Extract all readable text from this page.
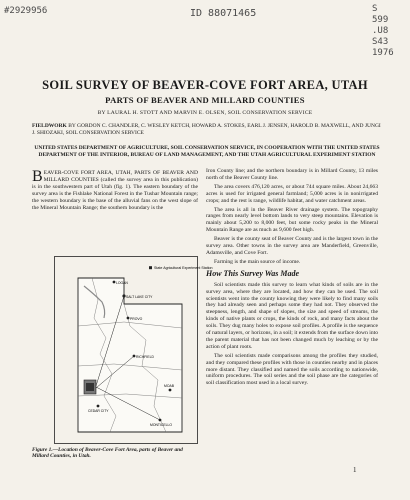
#2929956	ID 88071465	S
599
.U8
S43
1976
SOIL SURVEY OF BEAVER-COVE FORT AREA, UTAH
PARTS OF BEAVER AND MILLARD COUNTIES
BY LAURAL H. STOTT AND MARVIN E. OLSEN, SOIL CONSERVATION SERVICE
FIELDWORK BY GORDON C. CHANDLER, C. WESLEY KETCH, HOWARD A. STOKES, EARL J. JENSEN, HAROLD B. MAXWELL, AND JUNGI J. SHIOZAKI, SOIL CONSERVATION SERVICE
UNITED STATES DEPARTMENT OF AGRICULTURE, SOIL CONSERVATION SERVICE, IN COOPERATION WITH THE UNITED STATES DEPARTMENT OF THE INTERIOR, BUREAU OF LAND MANAGEMENT, AND THE UTAH AGRICULTURAL EXPERIMENT STATION

BEAVER-COVE FORT AREA, UTAH, PARTS OF BEAVER AND MILLARD COUNTIES (called the survey area in this publication) is in the southwestern part of Utah (fig. 1). The eastern boundary of the survey area is the Fishlake National Forest in the Tushar Mountain range; the western boundary is the base of the alluvial fans on the west slope of the Mineral Mountain Range; the southern boundary is the

State Agricultural Experiment Station
SALT LAKE CITY
PROVO
LOGAN
RICHFIELD
CEDAR CITY
MONTICELLO
MOAB
Figure 1.—Location of Beaver-Cove Fort Area, parts of Beaver and Millard Counties, in Utah.

Iron County line; and the northern boundary is in Millard County, 13 miles north of the Beaver County line.

The area covers 476,120 acres, or about 744 square miles. About 24,663 acres is used for irrigated general farmland; 5,000 acres is in nonirrigated crops; and the rest is range, wildlife habitat, and water catchment areas.

The area is all in the Beaver River drainage system. The topography ranges from nearly level bottom lands to very steep mountains. Elevation is mainly about 5,200 to 8,000 feet, but some rocky peaks in the Mineral Mountain Range are as much as 9,600 feet high.

Beaver is the county seat of Beaver County and is the largest town in the survey area. Other towns in the survey area are Manderfield, Greenville, Adamsville, and Cove Fort.

Farming is the main source of income.

How This Survey Was Made

Soil scientists made this survey to learn what kinds of soils are in the survey area, where they are located, and how they can be used. The soil scientists went into the county knowing they were likely to find many soils they had already seen and perhaps some they had not. They observed the steepness, length, and shape of slopes, the size and speed of streams, the kinds of native plants or crops, the kinds of rock, and many facts about the soils. They dug many holes to expose soil profiles. A profile is the sequence of natural layers, or horizons, in a soil; it extends from the surface down into the parent material that has not been changed much by leaching or by the action of plant roots.

The soil scientists made comparisons among the profiles they studied, and they compared these profiles with those in counties nearby and in places more distant. They classified and named the soils according to nationwide, uniform procedures. The soil series and the soil phase are the categories of soil classification most used in a local survey.

1
